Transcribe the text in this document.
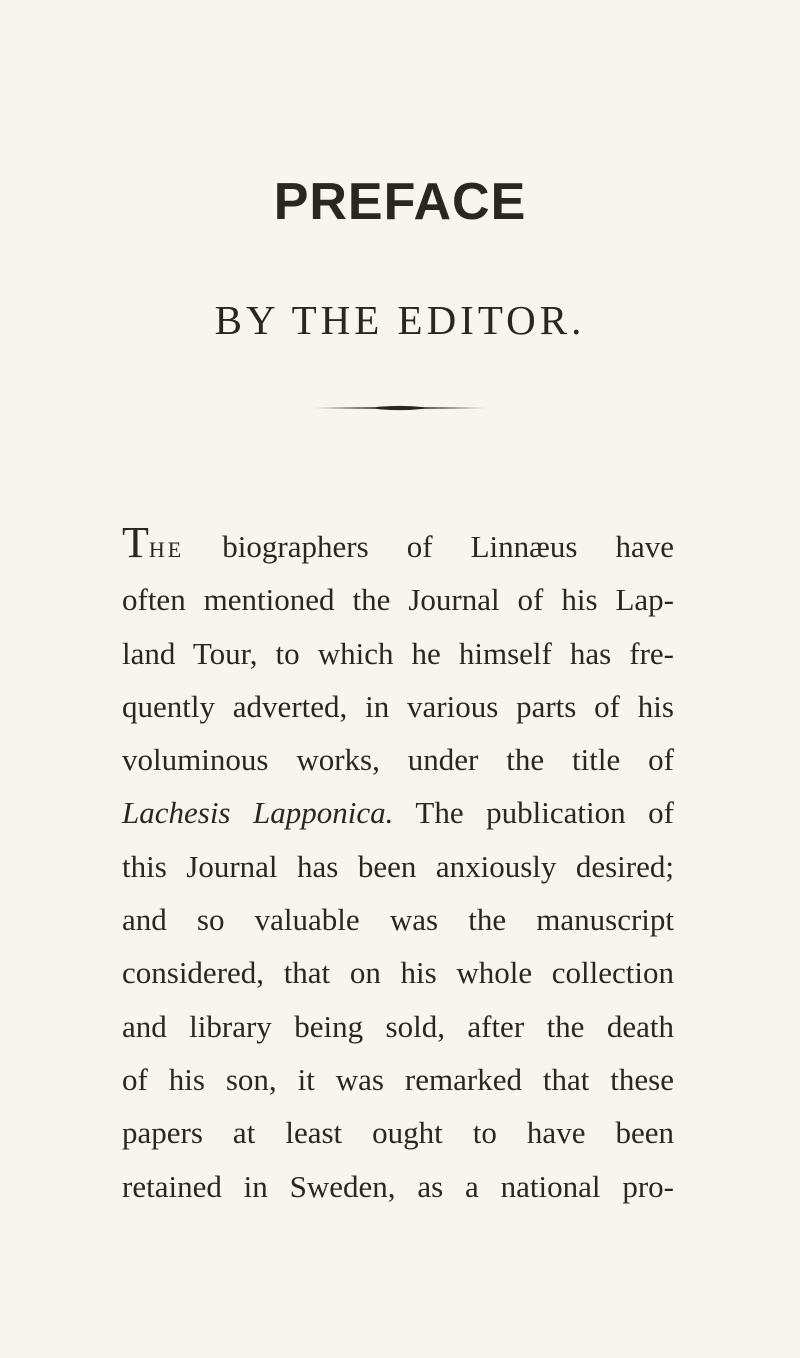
PREFACE
BY THE EDITOR.
THE biographers of Linnæus have
often mentioned the Journal of his Lap-
land Tour, to which he himself has fre-
quently adverted, in various parts of his
voluminous works, under the title of
Lachesis Lapponica. The publication of
this Journal has been anxiously desired;
and so valuable was the manuscript
considered, that on his whole collection
and library being sold, after the death
of his son, it was remarked that these
papers at least ought to have been
retained in Sweden, as a national pro-
